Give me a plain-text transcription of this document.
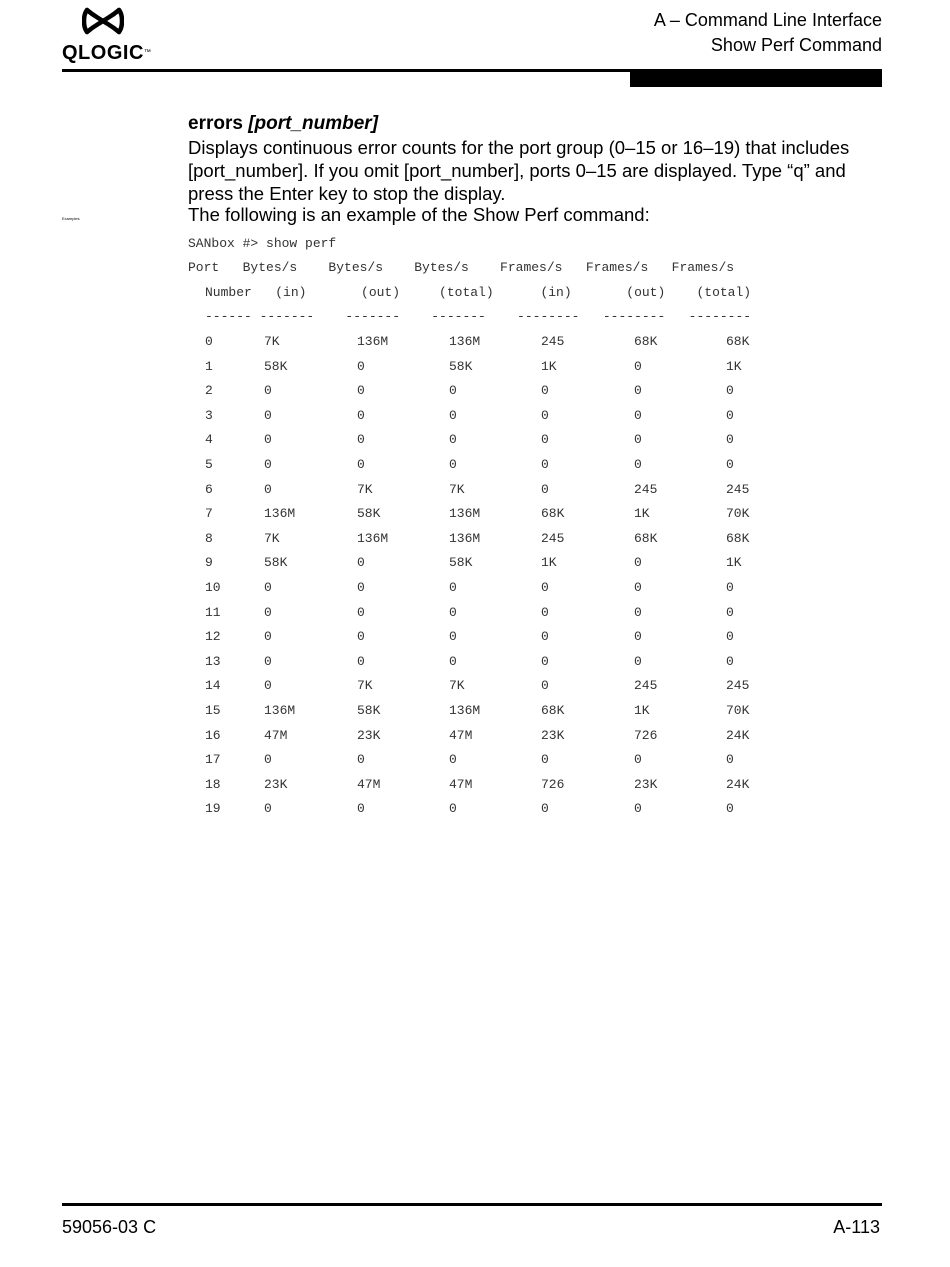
QLOGIC™
A – Command Line Interface
Show Perf Command
Examples
errors [port_number]

Displays continuous error counts for the port group (0–15 or 16–19) that includes [port_number]. If you omit [port_number], ports 0–15 are displayed. Type “q” and press the Enter key to stop the display.

The following is an example of the Show Perf command:

SANbox #> show perf
Port   Bytes/s    Bytes/s    Bytes/s    Frames/s   Frames/s   Frames/s
Number   (in)       (out)     (total)      (in)       (out)    (total)
------ -------    -------    -------    --------   --------   --------
0	7K	136M	136M	245	68K	68K
1	58K	0	58K	1K	0	1K
2	0	0	0	0	0	0
3	0	0	0	0	0	0
4	0	0	0	0	0	0
5	0	0	0	0	0	0
6	0	7K	7K	0	245	245
7	136M	58K	136M	68K	1K	70K
8	7K	136M	136M	245	68K	68K
9	58K	0	58K	1K	0	1K
10	0	0	0	0	0	0
11	0	0	0	0	0	0
12	0	0	0	0	0	0
13	0	0	0	0	0	0
14	0	7K	7K	0	245	245
15	136M	58K	136M	68K	1K	70K
16	47M	23K	47M	23K	726	24K
17	0	0	0	0	0	0
18	23K	47M	47M	726	23K	24K
19	0	0	0	0	0	0
59056-03 C	A-113
